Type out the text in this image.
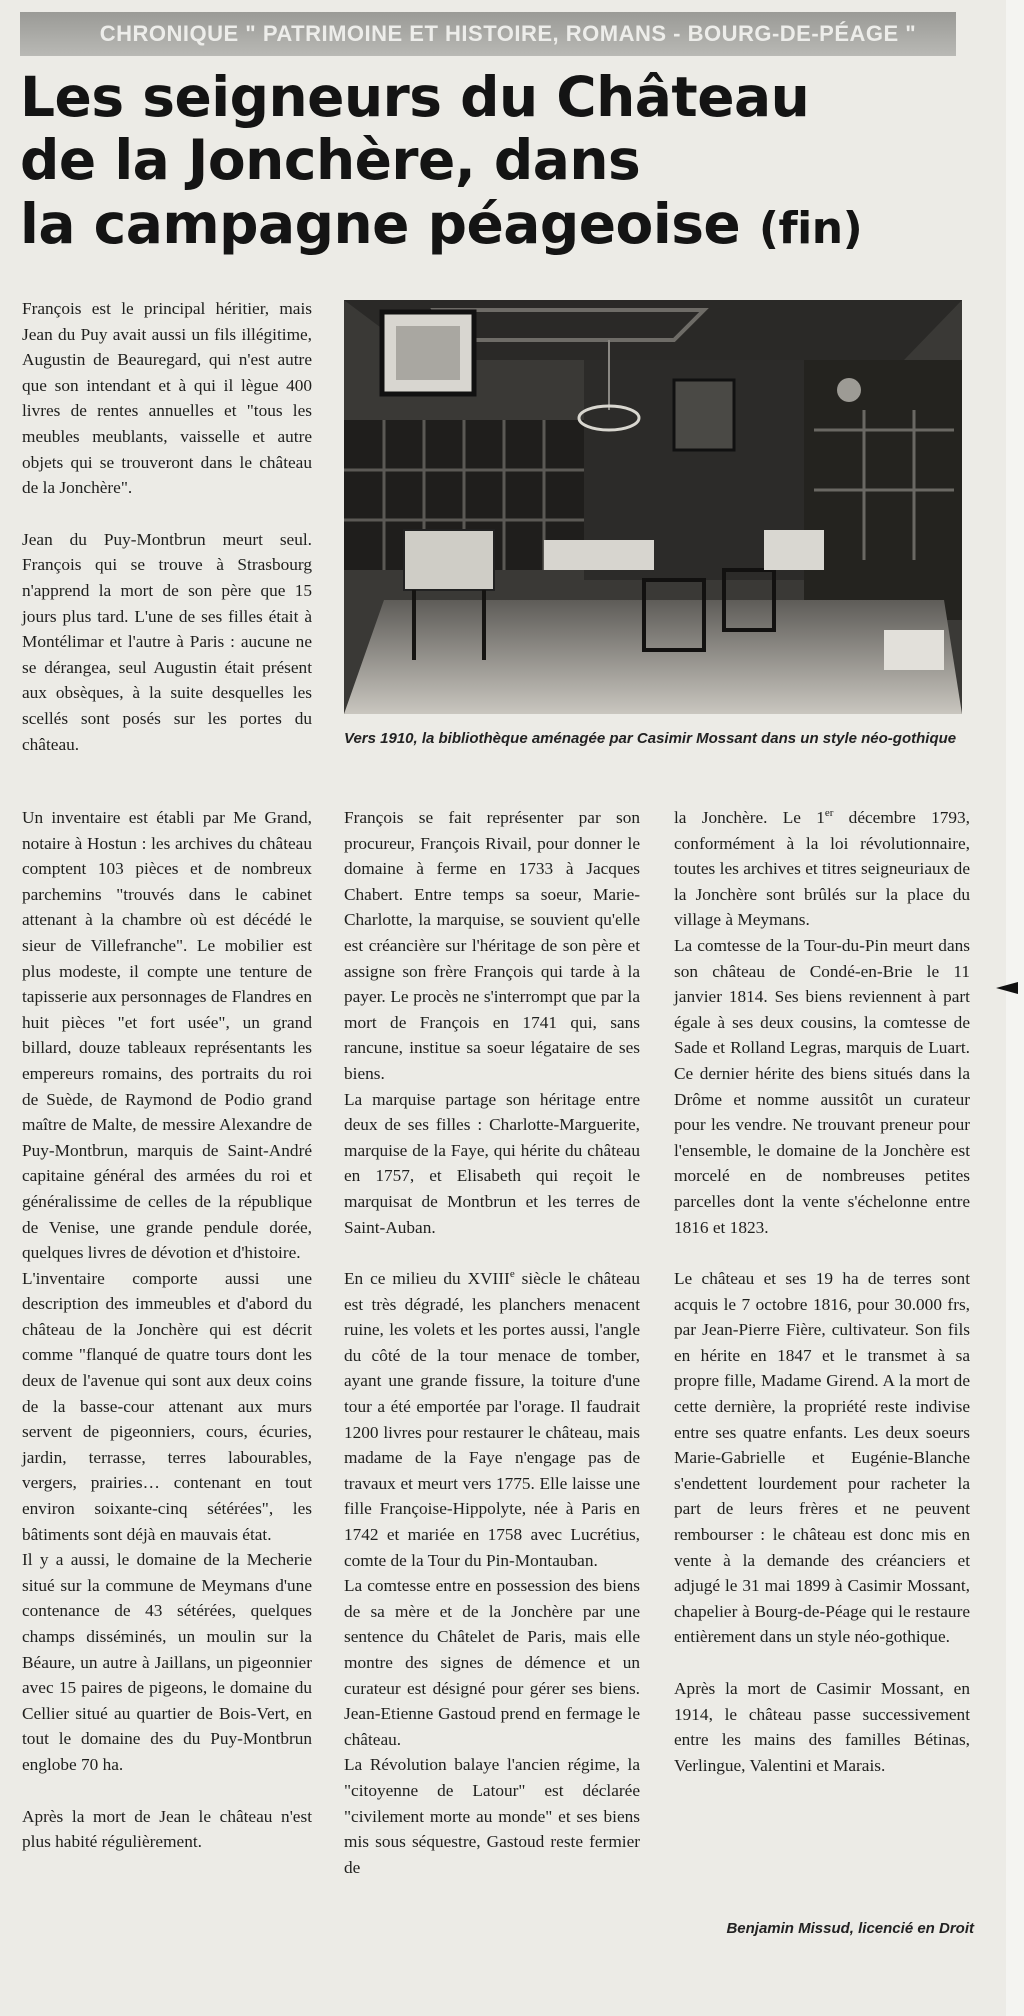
CHRONIQUE " PATRIMOINE ET HISTOIRE, ROMANS - BOURG-DE-PÉAGE "
Les seigneurs du Château
de la Jonchère, dans
la campagne péageoise (fin)

François est le principal héritier, mais Jean du Puy avait aussi un fils illégitime, Augustin de Beauregard, qui n'est autre que son intendant et à qui il lègue 400 livres de rentes annuelles et "tous les meubles meublants, vaisselle et autre objets qui se trouveront dans le château de la Jonchère".

Jean du Puy-Montbrun meurt seul. François qui se trouve à Strasbourg n'apprend la mort de son père que 15 jours plus tard. L'une de ses filles était à Montélimar et l'autre à Paris : aucune ne se dérangea, seul Augustin était présent aux obsèques, à la suite desquelles les scellés sont posés sur les portes du château.	Vers 1910, la bibliothèque aménagée par Casimir Mossant dans un style néo-gothique

Un inventaire est établi par Me Grand, notaire à Hostun : les archives du château comptent 103 pièces et de nombreux parchemins "trouvés dans le cabinet attenant à la chambre où est décédé le sieur de Villefranche". Le mobilier est plus modeste, il compte une tenture de tapisserie aux personnages de Flandres en huit pièces "et fort usée", un grand billard, douze tableaux représentants les empereurs romains, des portraits du roi de Suède, de Raymond de Podio grand maître de Malte, de messire Alexandre de Puy-Montbrun, marquis de Saint-André capitaine général des armées du roi et généralissime de celles de la république de Venise, une grande pendule dorée, quelques livres de dévotion et d'histoire.

L'inventaire comporte aussi une description des immeubles et d'abord du château de la Jonchère qui est décrit comme "flanqué de quatre tours dont les deux de l'avenue qui sont aux deux coins de la basse-cour attenant aux murs servent de pigeonniers, cours, écuries, jardin, terrasse, terres labourables, vergers, prairies… contenant en tout environ soixante-cinq sétérées", les bâtiments sont déjà en mauvais état.

Il y a aussi, le domaine de la Mecherie situé sur la commune de Meymans d'une contenance de 43 sétérées, quelques champs disséminés, un moulin sur la Béaure, un autre à Jaillans, un pigeonnier avec 15 paires de pigeons, le domaine du Cellier situé au quartier de Bois-Vert, en tout le domaine des du Puy-Montbrun englobe 70 ha.

Après la mort de Jean le château n'est plus habité régulièrement.

François se fait représenter par son procureur, François Rivail, pour donner le domaine à ferme en 1733 à Jacques Chabert. Entre temps sa soeur, Marie-Charlotte, la marquise, se souvient qu'elle est créancière sur l'héritage de son père et assigne son frère François qui tarde à la payer. Le procès ne s'interrompt que par la mort de François en 1741 qui, sans rancune, institue sa soeur légataire de ses biens.

La marquise partage son héritage entre deux de ses filles : Charlotte-Marguerite, marquise de la Faye, qui hérite du château en 1757, et Elisabeth qui reçoit le marquisat de Montbrun et les terres de Saint-Auban.

En ce milieu du XVIIIe siècle le château est très dégradé, les planchers menacent ruine, les volets et les portes aussi, l'angle du côté de la tour menace de tomber, ayant une grande fissure, la toiture d'une tour a été emportée par l'orage. Il faudrait 1200 livres pour restaurer le château, mais madame de la Faye n'engage pas de travaux et meurt vers 1775. Elle laisse une fille Françoise-Hippolyte, née à Paris en 1742 et mariée en 1758 avec Lucrétius, comte de la Tour du Pin-Montauban.

La comtesse entre en possession des biens de sa mère et de la Jonchère par une sentence du Châtelet de Paris, mais elle montre des signes de démence et un curateur est désigné pour gérer ses biens. Jean-Etienne Gastoud prend en fermage le château.

La Révolution balaye l'ancien régime, la "citoyenne de Latour" est déclarée "civilement morte au monde" et ses biens mis sous séquestre, Gastoud reste fermier de

la Jonchère. Le 1er décembre 1793, conformément à la loi révolutionnaire, toutes les archives et titres seigneuriaux de la Jonchère sont brûlés sur la place du village à Meymans.

La comtesse de la Tour-du-Pin meurt dans son château de Condé-en-Brie le 11 janvier 1814. Ses biens reviennent à part égale à ses deux cousins, la comtesse de Sade et Rolland Legras, marquis de Luart. Ce dernier hérite des biens situés dans la Drôme et nomme aussitôt un curateur pour les vendre. Ne trouvant preneur pour l'ensemble, le domaine de la Jonchère est morcelé en de nombreuses petites parcelles dont la vente s'échelonne entre 1816 et 1823.

Le château et ses 19 ha de terres sont acquis le 7 octobre 1816, pour 30.000 frs, par Jean-Pierre Fière, cultivateur. Son fils en hérite en 1847 et le transmet à sa propre fille, Madame Girend. A la mort de cette dernière, la propriété reste indivise entre ses quatre enfants. Les deux soeurs Marie-Gabrielle et Eugénie-Blanche s'endettent lourdement pour racheter la part de leurs frères et ne peuvent rembourser : le château est donc mis en vente à la demande des créanciers et adjugé le 31 mai 1899 à Casimir Mossant, chapelier à Bourg-de-Péage qui le restaure entièrement dans un style néo-gothique.

Après la mort de Casimir Mossant, en 1914, le château passe successivement entre les mains des familles Bétinas, Verlingue, Valentini et Marais.

Benjamin Missud, licencié en Droit
